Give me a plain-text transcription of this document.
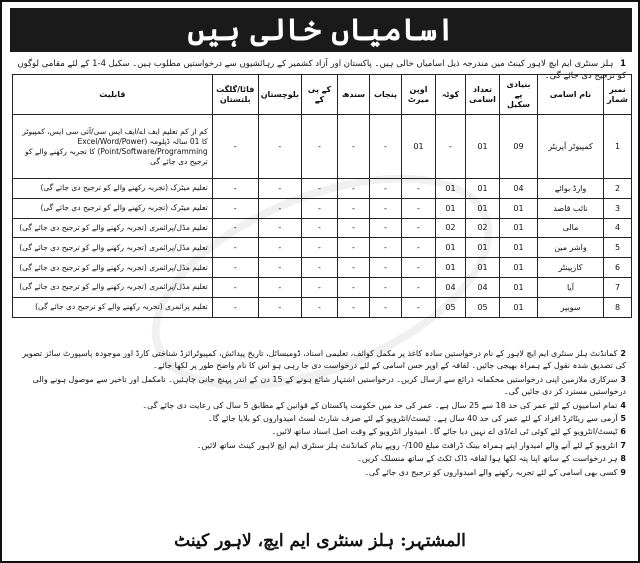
اسامیاں خالی ہیں
1 ہلز سنٹری ایم ایچ لاہور کینٹ میں مندرجہ ذیل اسامیاں خالی ہیں۔ پاکستان اور آزاد کشمیر کے رہائشیوں سے درخواستیں مطلوب ہیں۔ سکیل 4-1 کے لئے مقامی لوگوں کو ترجیح دی جائے گی۔
نمبر شمار	نام اسامی	بنیادی پے سکیل	تعداد اسامی	کوٹہ	اوپن میرٹ	پنجاب	سندھ	کے پی کے	بلوچستان	فاٹا/گلگت بلتستان	قابلیت
1	کمپیوٹر آپریٹر	09	01	-	01	-	-	-	-	-	کم از کم تعلیم ایف اے/ایف ایس سی/آئی سی ایس، کمپیوٹر کا 01 سالہ ڈپلومہ (Excel/Word/Power Point/Software/Programming) کا تجربہ رکھنے والے کو ترجیح دی جائے گی
2	وارڈ بوائے	04	01	01	-	-	-	-	-	-	تعلیم میٹرک (تجربہ رکھنے والے کو ترجیح دی جائے گی)
3	نائب قاصد	01	01	01	-	-	-	-	-	-	تعلیم میٹرک (تجربہ رکھنے والے کو ترجیح دی جائے گی)
4	مالی	01	02	02	-	-	-	-	-	-	تعلیم مڈل/پرائمری (تجربہ رکھنے والے کو ترجیح دی جائے گی)
5	واشر مین	01	01	01	-	-	-	-	-	-	تعلیم مڈل/پرائمری (تجربہ رکھنے والے کو ترجیح دی جائے گی)
6	کارپینٹر	01	01	01	-	-	-	-	-	-	تعلیم مڈل/پرائمری (تجربہ رکھنے والے کو ترجیح دی جائے گی)
7	آیا	01	04	04	-	-	-	-	-	-	تعلیم مڈل/پرائمری (تجربہ رکھنے والے کو ترجیح دی جائے گی)
8	سویپر	01	05	05	-	-	-	-	-	-	تعلیم پرائمری (تجربہ رکھنے والے کو ترجیح دی جائے گی)
2کمانڈنٹ ہلز سنٹری ایم ایچ لاہور کے نام درخواستیں سادہ کاغذ پر مکمل کوائف، تعلیمی اسناد، ڈومیسائل، تاریخ پیدائش، کمپیوٹرائزڈ شناختی کارڈ اور موجودہ پاسپورٹ سائز تصویر کی تصدیق شدہ نقول کے ہمراہ بھیجی جائیں۔ لفافہ کے اوپر جس اسامی کے لئے درخواست دی جا رہی ہو اس کا نام واضح طور پر لکھا جائے۔
3سرکاری ملازمین اپنی درخواستیں محکمانہ ذرائع سے ارسال کریں۔ درخواستیں اشتہار شائع ہونے کے 15 دن کے اندر پہنچ جانی چاہئیں۔ نامکمل اور تاخیر سے موصول ہونے والی درخواستیں مسترد کر دی جائیں گی۔
4تمام اسامیوں کے لئے عمر کی حد 18 سے 25 سال ہے۔ عمر کی حد میں حکومت پاکستان کے قوانین کے مطابق 5 سال کی رعایت دی جائے گی۔
5آرمی سے ریٹائرڈ افراد کے لئے عمر کی حد 40 سال ہے۔ ٹیسٹ/انٹرویو کے لئے صرف شارٹ لسٹ امیدواروں کو بلایا جائے گا۔
6ٹیسٹ/انٹرویو کے لئے کوئی ٹی اے/ڈی اے نہیں دیا جائے گا۔ امیدوار انٹرویو کے وقت اصل اسناد ساتھ لائیں۔
7انٹرویو کے لئے آنے والے امیدوار اپنے ہمراہ بینک ڈرافٹ مبلغ 100/- روپے بنام کمانڈنٹ ہلز سنٹری ایم ایچ لاہور کینٹ ساتھ لائیں۔
8ہر درخواست کے ساتھ اپنا پتہ لکھا ہوا لفافہ ڈاک ٹکٹ کے ساتھ منسلک کریں۔
9کسی بھی اسامی کے لئے تجربہ رکھنے والے امیدواروں کو ترجیح دی جائے گی۔
المشتہر: ہلز سنٹری ایم ایچ، لاہور کینٹ
